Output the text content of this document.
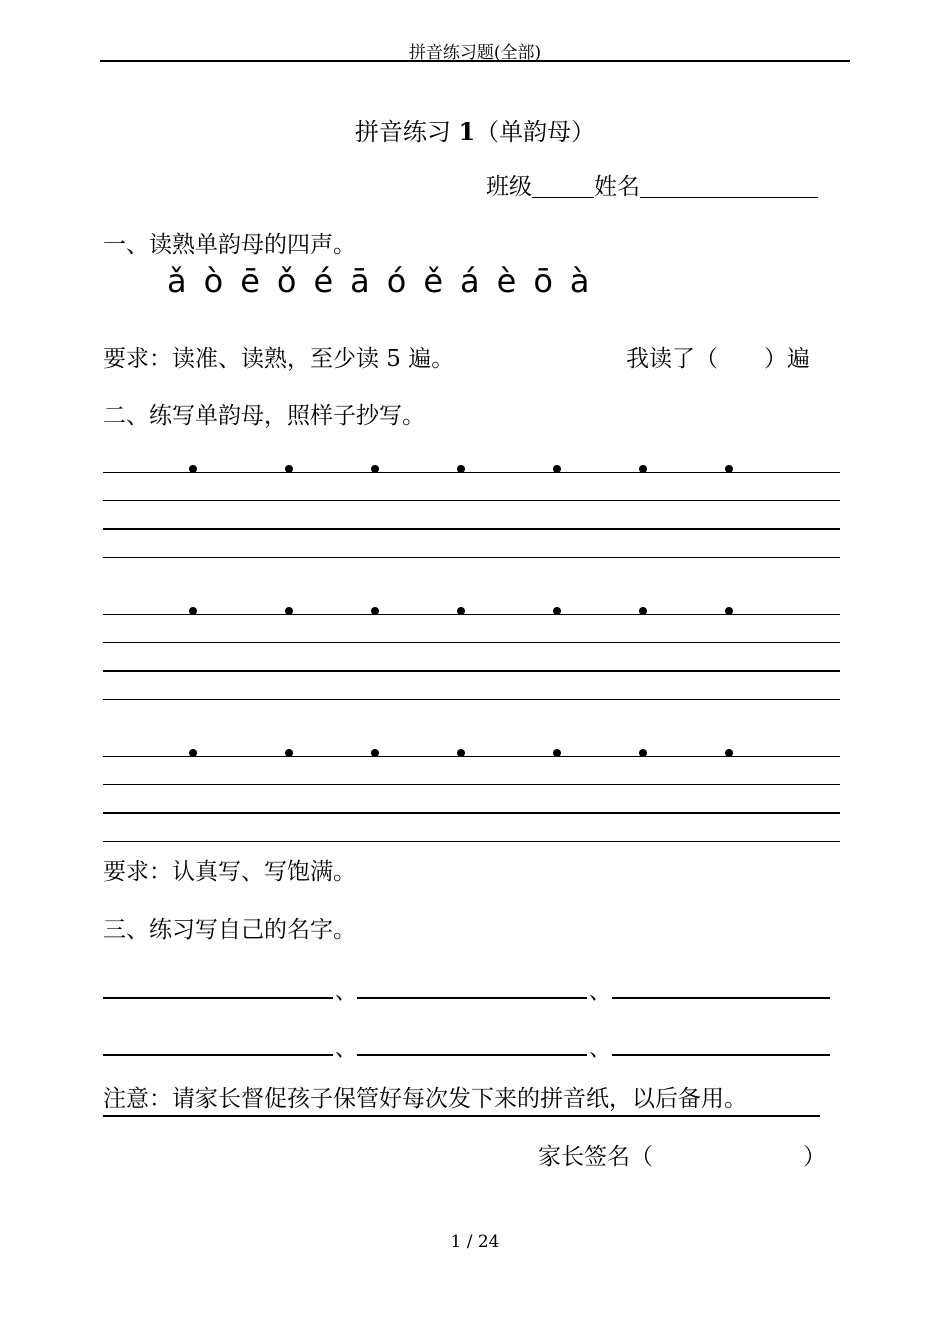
拼音练习题(全部)
拼音练习 1（单韵母）
班级	姓名
一、读熟单韵母的四声。
ǎ ò ē ǒ é ā ó ě á è ō à
要求：读准、读熟，至少读 5 遍。	我读了（　　）遍
二、练写单韵母，照样子抄写。
要求：认真写、写饱满。
三、练习写自己的名字。
、	、
、	、
注意：请家长督促孩子保管好每次发下来的拼音纸，以后备用。
家长签名（	）
1 / 24
